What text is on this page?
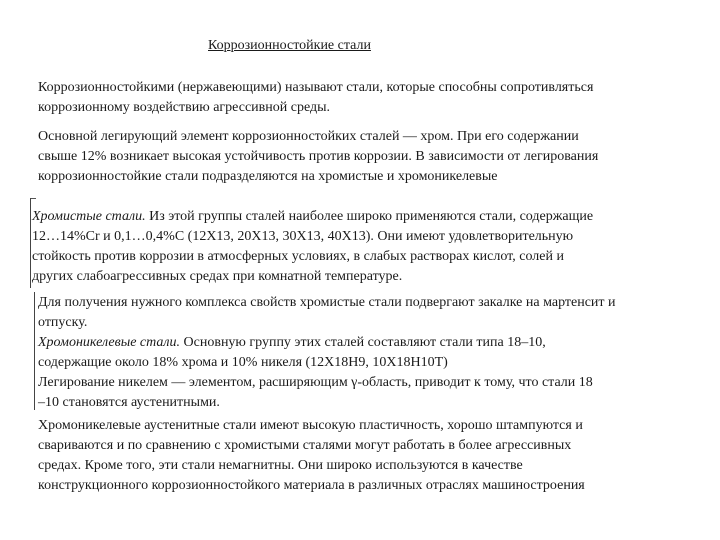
Коррозионностойкие стали
Коррозионностойкими (нержавеющими) называют стали, которые способны сопротивляться
коррозионному воздействию агрессивной среды.
Основной легирующий элемент коррозионностойких сталей — хром. При его содержании
свыше 12% возникает высокая устойчивость против коррозии. В зависимости от легирования
коррозионностойкие стали подразделяются на хромистые и хромоникелевые
Хромистые стали. Из этой группы сталей наиболее широко применяются стали, содержащие
12…14%Cr и 0,1…0,4%С (12Х13, 20Х13, 30Х13, 40Х13). Они имеют удовлетворительную
стойкость против коррозии в атмосферных условиях, в слабых растворах кислот, солей и
других слабоагрессивных средах при комнатной температуре.
Для получения нужного комплекса свойств хромистые стали подвергают закалке на мартенсит и
отпуску.
Хромоникелевые стали. Основную группу этих сталей составляют стали типа 18–10,
содержащие около 18% хрома и 10% никеля (12Х18Н9, 10Х18Н10Т)
Легирование никелем — элементом, расширяющим γ-область, приводит к тому, что стали 18
–10 становятся аустенитными.
Хромоникелевые аустенитные стали имеют высокую пластичность, хорошо штампуются и
свариваются и по сравнению с хромистыми сталями могут работать в более агрессивных
средах. Кроме того, эти стали немагнитны. Они широко используются в качестве
конструкционного коррозионностойкого материала в различных отраслях машиностроения
